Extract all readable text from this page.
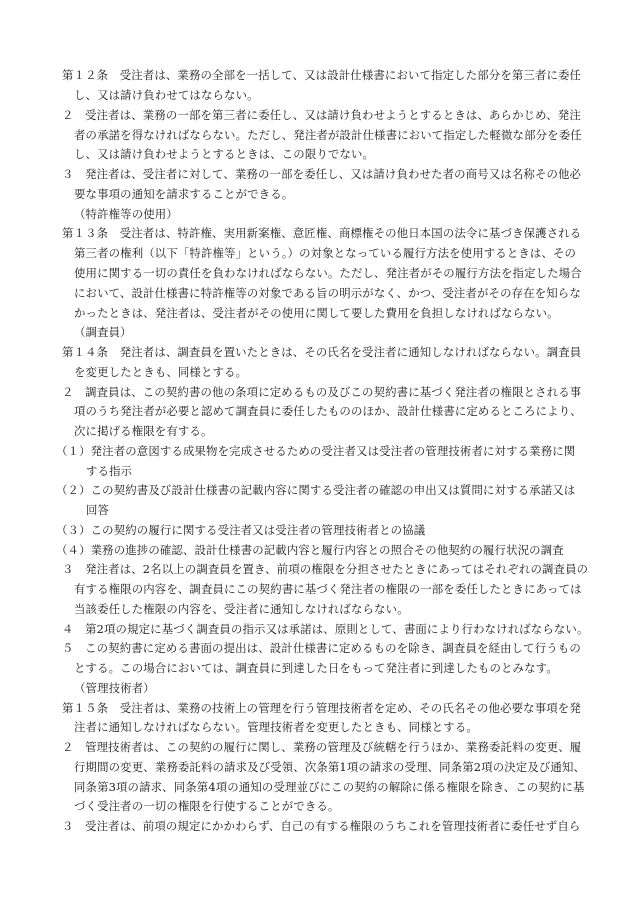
第１２条　受注者は、業務の全部を一括して、又は設計仕様書において指定した部分を第三者に委任
し、又は請け負わせてはならない。
２　受注者は、業務の一部を第三者に委任し、又は請け負わせようとするときは、あらかじめ、発注
者の承諾を得なければならない。ただし、発注者が設計仕様書において指定した軽微な部分を委任
し、又は請け負わせようとするときは、この限りでない。
３　発注者は、受注者に対して、業務の一部を委任し、又は請け負わせた者の商号又は名称その他必
要な事項の通知を請求することができる。
（特許権等の使用）
第１３条　受注者は、特許権、実用新案権、意匠権、商標権その他日本国の法令に基づき保護される
第三者の権利（以下「特許権等」という。）の対象となっている履行方法を使用するときは、その
使用に関する一切の責任を負わなければならない。ただし、発注者がその履行方法を指定した場合
において、設計仕様書に特許権等の対象である旨の明示がなく、かつ、受注者がその存在を知らな
かったときは、発注者は、受注者がその使用に関して要した費用を負担しなければならない。
（調査員）
第１４条　発注者は、調査員を置いたときは、その氏名を受注者に通知しなければならない。調査員
を変更したときも、同様とする。
２　調査員は、この契約書の他の条項に定めるもの及びこの契約書に基づく発注者の権限とされる事
項のうち発注者が必要と認めて調査員に委任したもののほか、設計仕様書に定めるところにより、
次に掲げる権限を有する。
（１）発注者の意図する成果物を完成させるための受注者又は受注者の管理技術者に対する業務に関
する指示
（２）この契約書及び設計仕様書の記載内容に関する受注者の確認の申出又は質問に対する承諾又は
回答
（３）この契約の履行に関する受注者又は受注者の管理技術者との協議
（４）業務の進捗の確認、設計仕様書の記載内容と履行内容との照合その他契約の履行状況の調査
３　発注者は、2名以上の調査員を置き、前項の権限を分担させたときにあってはそれぞれの調査員の
有する権限の内容を、調査員にこの契約書に基づく発注者の権限の一部を委任したときにあっては
当該委任した権限の内容を、受注者に通知しなければならない。
４　第2項の規定に基づく調査員の指示又は承諾は、原則として、書面により行わなければならない。
５　この契約書に定める書面の提出は、設計仕様書に定めるものを除き、調査員を経由して行うもの
とする。この場合においては、調査員に到達した日をもって発注者に到達したものとみなす。
（管理技術者）
第１５条　受注者は、業務の技術上の管理を行う管理技術者を定め、その氏名その他必要な事項を発
注者に通知しなければならない。管理技術者を変更したときも、同様とする。
２　管理技術者は、この契約の履行に関し、業務の管理及び統轄を行うほか、業務委託料の変更、履
行期間の変更、業務委託料の請求及び受領、次条第1項の請求の受理、同条第2項の決定及び通知、
同条第3項の請求、同条第4項の通知の受理並びにこの契約の解除に係る権限を除き、この契約に基
づく受注者の一切の権限を行使することができる。
３　受注者は、前項の規定にかかわらず、自己の有する権限のうちこれを管理技術者に委任せず自ら
